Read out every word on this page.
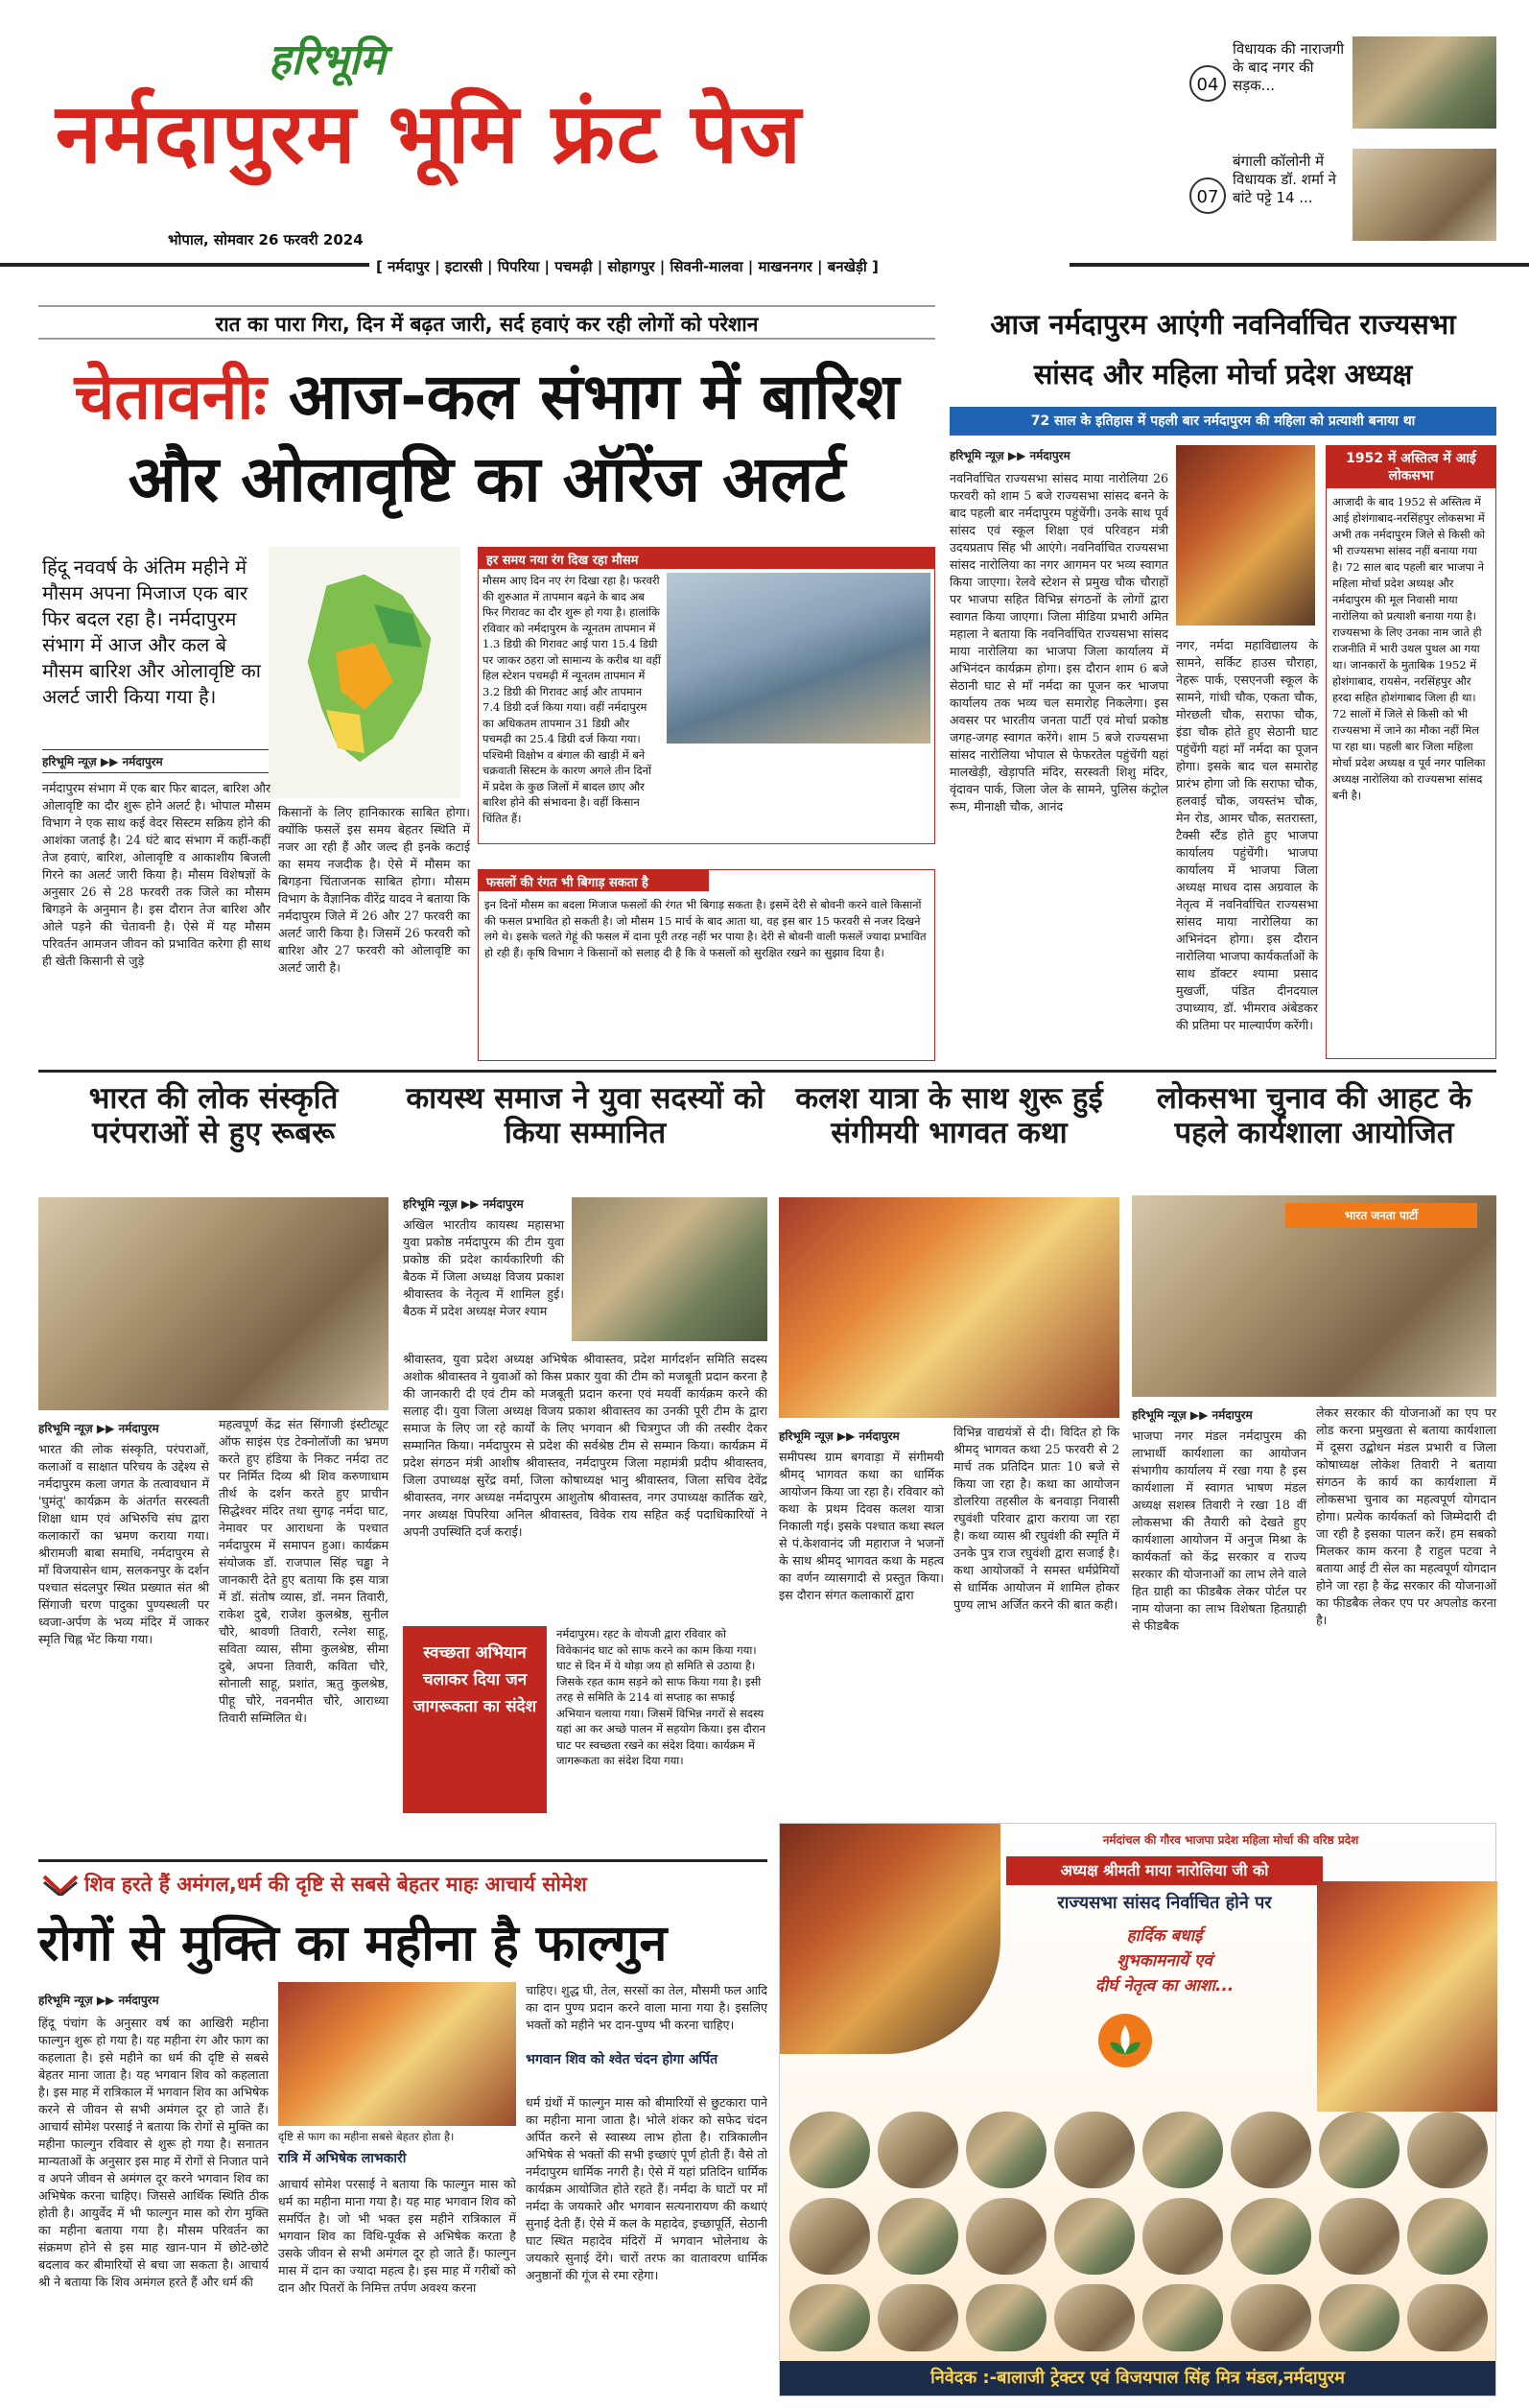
हरिभूमि
नर्मदापुरम भूमि फ्रंट पेज
भोपाल, सोमवार 26 फरवरी 2024
[ नर्मदापुर | इटारसी | पिपरिया | पचमढ़ी | सोहागपुर | सिवनी-मालवा | माखननगर | बनखेड़ी ]
04
विधायक की नाराजगी के बाद नगर की सड़क...
07
बंगाली कॉलोनी में विधायक डॉ. शर्मा ने बांटे पट्टे 14 ...
रात का पारा गिरा, दिन में बढ़त जारी, सर्द हवाएं कर रही लोगों को परेशान
चेतावनीः आज-कल संभाग में बारिश
और ओलावृष्टि का ऑरेंज अलर्ट
हिंदू नववर्ष के अंतिम महीने में मौसम अपना मिजाज एक बार फिर बदल रहा है। नर्मदापुरम संभाग में आज और कल बे मौसम बारिश और ओलावृष्टि का अलर्ट जारी किया गया है।
हरिभूमि न्यूज़ ▶▶ नर्मदापुरम
नर्मदापुरम संभाग में एक बार फिर बादल, बारिश और ओलावृष्टि का दौर शुरू होने अलर्ट है। भोपाल मौसम विभाग ने एक साथ कई वेदर सिस्टम सक्रिय होने की आशंका जताई है। 24 घंटे बाद संभाग में कहीं-कहीं तेज हवाएं, बारिश, ओलावृष्टि व आकाशीय बिजली गिरने का अलर्ट जारी किया है। मौसम विशेषज्ञों के अनुसार 26 से 28 फरवरी तक जिले का मौसम बिगड़ने के अनुमान है। इस दौरान तेज बारिश और ओले पड़ने की चेतावनी है। ऐसे में यह मौसम परिवर्तन आमजन जीवन को प्रभावित करेगा ही साथ ही खेती किसानी से जुड़े
किसानों के लिए हानिकारक साबित होगा। क्योंकि फसलें इस समय बेहतर स्थिति में नजर आ रही हैं और जल्द ही इनके कटाई का समय नजदीक है। ऐसे में मौसम का बिगड़ना चिंताजनक साबित होगा। मौसम विभाग के वैज्ञानिक वीरेंद्र यादव ने बताया कि नर्मदापुरम जिले में 26 और 27 फरवरी का अलर्ट जारी किया है। जिसमें 26 फरवरी को बारिश और 27 फरवरी को ओलावृष्टि का अलर्ट जारी है।
हर समय नया रंग दिख रहा मौसम
मौसम आए दिन नए रंग दिखा रहा है। फरवरी की शुरुआत में तापमान बढ़ने के बाद अब फिर गिरावट का दौर शुरू हो गया है। हालांकि रविवार को नर्मदापुरम के न्यूनतम तापमान में 1.3 डिग्री की गिरावट आई पारा 15.4 डिग्री पर जाकर ठहरा जो सामान्य के करीब था वहीं हिल स्टेशन पचमढ़ी में न्यूनतम तापमान में 3.2 डिग्री की गिरावट आई और तापमान 7.4 डिग्री दर्ज किया गया। वहीं नर्मदापुरम का अधिकतम तापमान 31 डिग्री और पचमढ़ी का 25.4 डिग्री दर्ज किया गया। पश्चिमी विक्षोभ व बंगाल की खाड़ी में बने चक्रवाती सिस्टम के कारण अगले तीन दिनों में प्रदेश के कुछ जिलों में बादल छाए और बारिश होने की संभावना है। वहीं किसान चिंतित हैं।
फसलों की रंगत भी बिगाड़ सकता है
इन दिनों मौसम का बदला मिजाज फसलों की रंगत भी बिगाड़ सकता है। इसमें देरी से बोवनी करने वाले किसानों की फसल प्रभावित हो सकती है। जो मौसम 15 मार्च के बाद आता था, वह इस बार 15 फरवरी से नजर दिखने लगे थे। इसके चलते गेहूं की फसल में दाना पूरी तरह नहीं भर पाया है। देरी से बोवनी वाली फसलें ज्यादा प्रभावित हो रही हैं। कृषि विभाग ने किसानों को सलाह दी है कि वे फसलों को सुरक्षित रखने का सुझाव दिया है।
आज नर्मदापुरम आएंगी नवनिर्वाचित राज्यसभा
सांसद और महिला मोर्चा प्रदेश अध्यक्ष
72 साल के इतिहास में पहली बार नर्मदापुरम की महिला को प्रत्याशी बनाया था
हरिभूमि न्यूज़ ▶▶ नर्मदापुरम
नवनिर्वाचित राज्यसभा सांसद माया नारोलिया 26 फरवरी को शाम 5 बजे राज्यसभा सांसद बनने के बाद पहली बार नर्मदापुरम पहुंचेंगी। उनके साथ पूर्व सांसद एवं स्कूल शिक्षा एवं परिवहन मंत्री उदयप्रताप सिंह भी आएंगे। नवनिर्वाचित राज्यसभा सांसद नारोलिया का नगर आगमन पर भव्य स्वागत किया जाएगा। रेलवे स्टेशन से प्रमुख चौक चौराहों पर भाजपा सहित विभिन्न संगठनों के लोगों द्वारा स्वागत किया जाएगा। जिला मीडिया प्रभारी अमित महाला ने बताया कि नवनिर्वाचित राज्यसभा सांसद माया नारोलिया का भाजपा जिला कार्यालय में अभिनंदन कार्यक्रम होगा। इस दौरान शाम 6 बजे सेठानी घाट से माँ नर्मदा का पूजन कर भाजपा कार्यालय तक भव्य चल समारोह निकलेगा। इस अवसर पर भारतीय जनता पार्टी एवं मोर्चा प्रकोष्ठ जगह-जगह स्वागत करेंगे। शाम 5 बजे राज्यसभा सांसद नारोलिया भोपाल से फेफरतेल पहुंचेंगी यहां मालखेड़ी, खेड़ापति मंदिर, सरस्वती शिशु मंदिर, वृंदावन पार्क, जिला जेल के सामने, पुलिस कंट्रोल रूम, मीनाक्षी चौक, आनंद
नगर, नर्मदा महाविद्यालय के सामने, सर्किट हाउस चौराहा, नेहरू पार्क, एसएनजी स्कूल के सामने, गांधी चौक, एकता चौक, मोरछली चौक, सराफा चौक, इंडा चौक होते हुए सेठानी घाट पहुंचेंगी यहां माँ नर्मदा का पूजन होगा। इसके बाद चल समारोह प्रारंभ होगा जो कि सराफा चौक, हलवाई चौक, जयस्तंभ चौक, मेन रोड, आमर चौक, सतरास्ता, टैक्सी स्टैंड होते हुए भाजपा कार्यालय पहुंचेंगी। भाजपा कार्यालय में भाजपा जिला अध्यक्ष माधव दास अग्रवाल के नेतृत्व में नवनिर्वाचित राज्यसभा सांसद माया नारोलिया का अभिनंदन होगा। इस दौरान नारोलिया भाजपा कार्यकर्ताओं के साथ डॉक्टर श्यामा प्रसाद मुखर्जी, पंडित दीनदयाल उपाध्याय, डॉ. भीमराव अंबेडकर की प्रतिमा पर माल्यार्पण करेंगी।
1952 में अस्तित्व में आई लोकसभा
आजादी के बाद 1952 से अस्तित्व में आई होशंगाबाद-नरसिंहपुर लोकसभा में अभी तक नर्मदापुरम जिले से किसी को भी राज्यसभा सांसद नहीं बनाया गया है। 72 साल बाद पहली बार भाजपा ने महिला मोर्चा प्रदेश अध्यक्ष और नर्मदापुरम की मूल निवासी माया नारोलिया को प्रत्याशी बनाया गया है। राज्यसभा के लिए उनका नाम जाते ही राजनीति में भारी उथल पुथल आ गया था। जानकारों के मुताबिक 1952 में होशंगाबाद, रायसेन, नरसिंहपुर और हरदा सहित होशंगाबाद जिला ही था। 72 सालों में जिले से किसी को भी राज्यसभा में जाने का मौका नहीं मिल पा रहा था। पहली बार जिला महिला मोर्चा प्रदेश अध्यक्ष व पूर्व नगर पालिका अध्यक्ष नारोलिया को राज्यसभा सांसद बनी है।
भारत की लोक संस्कृति परंपराओं से हुए रूबरू
हरिभूमि न्यूज़ ▶▶ नर्मदापुरम
भारत की लोक संस्कृति, परंपराओं, कलाओं व साक्षात परिचय के उद्देश्य से नर्मदापुरम कला जगत के तत्वावधान में 'घुमंतू' कार्यक्रम के अंतर्गत सरस्वती शिक्षा धाम एवं अभिरुचि संघ द्वारा कलाकारों का भ्रमण कराया गया। श्रीरामजी बाबा समाधि, नर्मदापुरम से माँ विजयासेन धाम, सलकनपुर के दर्शन पश्चात संदलपुर स्थित प्रख्यात संत श्री सिंगाजी चरण पादुका पुण्यस्थली पर ध्वजा-अर्पण के भव्य मंदिर में जाकर स्मृति चिह्न भेंट किया गया।
महत्वपूर्ण केंद्र संत सिंगाजी इंस्टीट्यूट ऑफ साइंस एंड टेक्नोलॉजी का भ्रमण करते हुए हंडिया के निकट नर्मदा तट पर निर्मित दिव्य श्री शिव करुणाधाम तीर्थ के दर्शन करते हुए प्राचीन सिद्धेश्वर मंदिर तथा सुगढ़ नर्मदा घाट, नेमावर पर आराधना के पश्चात नर्मदापुरम में समापन हुआ। कार्यक्रम संयोजक डॉ. राजपाल सिंह चड्ढा ने जानकारी देते हुए बताया कि इस यात्रा में डॉ. संतोष व्यास, डॉ. नमन तिवारी, राकेश दुबे, राजेश कुलश्रेष्ठ, सुनील चौरे, श्रावणी तिवारी, रत्नेश साहू, सविता व्यास, सीमा कुलश्रेष्ठ, सीमा दुबे, अपना तिवारी, कविता चौरे, सोनाली साहू, प्रशांत, ऋतु कुलश्रेष्ठ, पीहू चौरे, नवनमीत चौरे, आराध्या तिवारी सम्मिलित थे।
कायस्थ समाज ने युवा सदस्यों को किया सम्मानित
हरिभूमि न्यूज़ ▶▶ नर्मदापुरम
अखिल भारतीय कायस्थ महासभा युवा प्रकोष्ठ नर्मदापुरम की टीम युवा प्रकोष्ठ की प्रदेश कार्यकारिणी की बैठक में जिला अध्यक्ष विजय प्रकाश श्रीवास्तव के नेतृत्व में शामिल हुई। बैठक में प्रदेश अध्यक्ष मेजर श्याम
श्रीवास्तव, युवा प्रदेश अध्यक्ष अभिषेक श्रीवास्तव, प्रदेश मार्गदर्शन समिति सदस्य अशोक श्रीवास्तव ने युवाओं को किस प्रकार युवा की टीम को मजबूती प्रदान करना है की जानकारी दी एवं टीम को मजबूती प्रदान करना एवं मयर्वी कार्यक्रम करने की सलाह दी। युवा जिला अध्यक्ष विजय प्रकाश श्रीवास्तव का उनकी पूरी टीम के द्वारा समाज के लिए जा रहे कार्यों के लिए भगवान श्री चित्रगुप्त जी की तस्वीर देकर सम्मानित किया। नर्मदापुरम से प्रदेश की सर्वश्रेष्ठ टीम से सम्मान किया। कार्यक्रम में प्रदेश संगठन मंत्री आशीष श्रीवास्तव, नर्मदापुरम जिला महामंत्री प्रदीप श्रीवास्तव, जिला उपाध्यक्ष सुरेंद्र वर्मा, जिला कोषाध्यक्ष भानु श्रीवास्तव, जिला सचिव देवेंद्र श्रीवास्तव, नगर अध्यक्ष नर्मदापुरम आशुतोष श्रीवास्तव, नगर उपाध्यक्ष कार्तिक खरे, नगर अध्यक्ष पिपरिया अनिल श्रीवास्तव, विवेक राय सहित कई पदाधिकारियों ने अपनी उपस्थिति दर्ज कराई।
स्वच्छता अभियान चलाकर दिया जन जागरूकता का संदेश
नर्मदापुरम। रहट के वोयजी द्वारा रविवार को विवेकानंद घाट को साफ करने का काम किया गया। घाट से दिन में ये थोड़ा जय हो समिति से उठाया है। जिसके रहत काम सड़ने को साफ किया गया है। इसी तरह से समिति के 214 वां सप्ताह का सफाई अभियान चलाया गया। जिसमें विभिन्न नगरों से सदस्य यहां आ कर अच्छे पालन में सहयोग किया। इस दौरान घाट पर स्वच्छता रखने का संदेश दिया। कार्यक्रम में जागरूकता का संदेश दिया गया।
कलश यात्रा के साथ शुरू हुई संगीमयी भागवत कथा
हरिभूमि न्यूज़ ▶▶ नर्मदापुरम
समीपस्थ ग्राम बगवाड़ा में संगीमयी श्रीमद् भागवत कथा का धार्मिक आयोजन किया जा रहा है। रविवार को कथा के प्रथम दिवस कलश यात्रा निकाली गई। इसके पश्चात कथा स्थल से पं.केशवानंद जी महाराज ने भजनों के साथ श्रीमद् भागवत कथा के महत्व का वर्णन व्यासगादी से प्रस्तुत किया। इस दौरान संगत कलाकारों द्वारा
विभिन्न वाद्ययंत्रों से दी। विदित हो कि श्रीमद् भागवत कथा 25 फरवरी से 2 मार्च तक प्रतिदिन प्रातः 10 बजे से किया जा रहा है। कथा का आयोजन डोलरिया तहसील के बनवाड़ा निवासी रघुवंशी परिवार द्वारा कराया जा रहा है। कथा व्यास श्री रघुवंशी की स्मृति में उनके पुत्र राज रघुवंशी द्वारा सजाई है। कथा आयोजकों ने समस्त धर्मप्रेमियों से धार्मिक आयोजन में शामिल होकर पुण्य लाभ अर्जित करने की बात कही।
लोकसभा चुनाव की आहट के पहले कार्यशाला आयोजित
भारत जनता पार्टी
हरिभूमि न्यूज़ ▶▶ नर्मदापुरम
भाजपा नगर मंडल नर्मदापुरम की लाभार्थी कार्यशाला का आयोजन संभागीय कार्यालय में रखा गया है इस कार्यशाला में स्वागत भाषण मंडल अध्यक्ष सशस्त्र तिवारी ने रखा 18 वीं लोकसभा की तैयारी को देखते हुए कार्यशाला आयोजन में अनुज मिश्रा के कार्यकर्ता को केंद्र सरकार व राज्य सरकार की योजनाओं का लाभ लेने वाले हित ग्राही का फीडबैक लेकर पोर्टल पर नाम योजना का लाभ विशेषता हितग्राही से फीडबैक
लेकर सरकार की योजनाओं का एप पर लोड करना प्रमुखता से बताया कार्यशाला में दूसरा उद्बोधन मंडल प्रभारी व जिला कोषाध्यक्ष लोकेश तिवारी ने बताया संगठन के कार्य का कार्यशाला में लोकसभा चुनाव का महत्वपूर्ण योगदान होगा। प्रत्येक कार्यकर्ता को जिम्मेदारी दी जा रही है इसका पालन करें। हम सबको मिलकर काम करना है राहुल पटवा ने बताया आई टी सेल का महत्वपूर्ण योगदान होने जा रहा है केंद्र सरकार की योजनाओं का फीडबैक लेकर एप पर अपलोड करना है।
शिव हरते हैं अमंगल,धर्म की दृष्टि से सबसे बेहतर माहः आचार्य सोमेश
रोगों से मुक्ति का महीना है फाल्गुन
हरिभूमि न्यूज़ ▶▶ नर्मदापुरम
हिंदू पंचांग के अनुसार वर्ष का आखिरी महीना फाल्गुन शुरू हो गया है। यह महीना रंग और फाग का कहलाता है। इसे महीने का धर्म की दृष्टि से सबसे बेहतर माना जाता है। यह भगवान शिव को कहलाता है। इस माह में रात्रिकाल में भगवान शिव का अभिषेक करने से जीवन से सभी अमंगल दूर हो जाते हैं। आचार्य सोमेश परसाई ने बताया कि रोगों से मुक्ति का महीना फाल्गुन रविवार से शुरू हो गया है। सनातन मान्यताओं के अनुसार इस माह में रोगों से निजात पाने व अपने जीवन से अमंगल दूर करने भगवान शिव का अभिषेक करना चाहिए। जिससे आर्थिक स्थिति ठीक होती है। आयुर्वेद में भी फाल्गुन मास को रोग मुक्ति का महीना बताया गया है। मौसम परिवर्तन का संक्रमण होने से इस माह खान-पान में छोटे-छोटे बदलाव कर बीमारियों से बचा जा सकता है। आचार्य श्री ने बताया कि शिव अमंगल हरते हैं और धर्म की
दृष्टि से फाग का महीना सबसे बेहतर होता है।
रात्रि में अभिषेक लाभकारी
आचार्य सोमेश परसाई ने बताया कि फाल्गुन मास को धर्म का महीना माना गया है। यह माह भगवान शिव को समर्पित है। जो भी भक्त इस महीने रात्रिकाल में भगवान शिव का विधि-पूर्वक से अभिषेक करता है उसके जीवन से सभी अमंगल दूर हो जाते हैं। फाल्गुन मास में दान का ज्यादा महत्व है। इस माह में गरीबों को दान और पितरों के निमित्त तर्पण अवश्य करना
चाहिए। शुद्ध घी, तेल, सरसों का तेल, मौसमी फल आदि का दान पुण्य प्रदान करने वाला माना गया है। इसलिए भक्तों को महीने भर दान-पुण्य भी करना चाहिए।
भगवान शिव को श्वेत चंदन होगा अर्पित
धर्म ग्रंथों में फाल्गुन मास को बीमारियों से छुटकारा पाने का महीना माना जाता है। भोले शंकर को सफेद चंदन अर्पित करने से स्वास्थ्य लाभ होता है। रात्रिकालीन अभिषेक से भक्तों की सभी इच्छाएं पूर्ण होती हैं। वैसे तो नर्मदापुरम धार्मिक नगरी है। ऐसे में यहां प्रतिदिन धार्मिक कार्यक्रम आयोजित होते रहते हैं। नर्मदा के घाटों पर माँ नर्मदा के जयकारे और भगवान सत्यनारायण की कथाएं सुनाई देती हैं। ऐसे में कल के महादेव, इच्छापूर्ति, सेठानी घाट स्थित महादेव मंदिरों में भगवान भोलेनाथ के जयकारे सुनाई देंगे। चारों तरफ का वातावरण धार्मिक अनुष्ठानों की गूंज से रमा रहेगा।
नर्मदांचल की गौरव भाजपा प्रदेश महिला मोर्चा की वरिष्ठ प्रदेश
अध्यक्ष श्रीमती माया नारोलिया जी को
राज्यसभा सांसद निर्वाचित होने पर
हार्दिक बधाई
शुभकामनायें एवं
दीर्घ नेतृत्व का आशा...
निवेदक :-बालाजी ट्रेक्टर एवं विजयपाल सिंह मित्र मंडल,नर्मदापुरम
